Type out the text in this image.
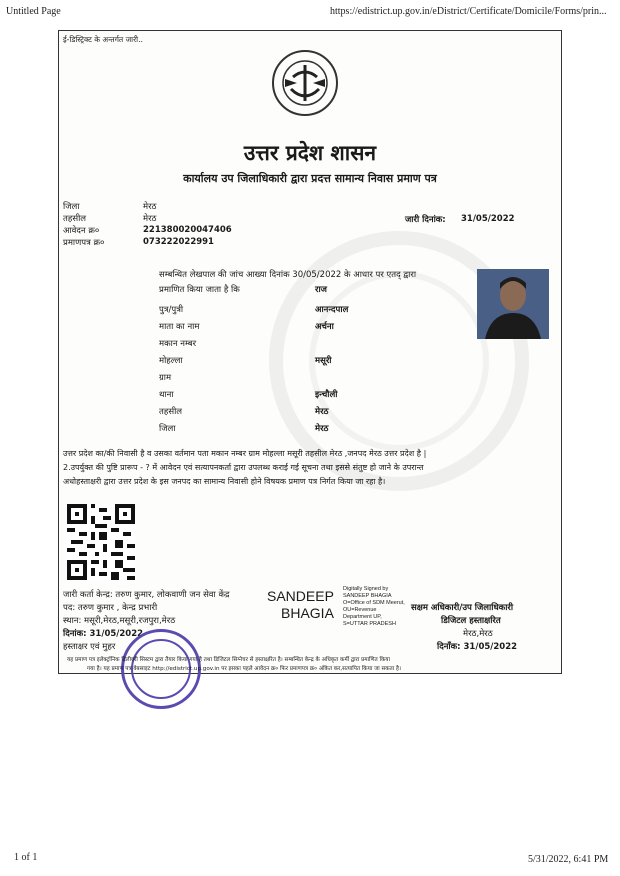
Untitled Page	https://edistrict.up.gov.in/eDistrict/Certificate/Domicile/Forms/prin...
ई-डिस्ट्रिक्ट के अन्तर्गत जारी..
उत्तर प्रदेश शासन
कार्यालय उप जिलाधिकारी द्वारा प्रदत्त सामान्य निवास प्रमाण पत्र
जिला	मेरठ
तहसील	मेरठ
आवेदन क्र०	221380020047406
प्रमाणपत्र क्र०	073222022991
जारी दिनांक: 31/05/2022
सम्बन्धित लेखपाल की जांच आख्या दिनांक 30/05/2022 के आधार पर एतद् द्वारा
प्रमाणित किया जाता है कि	राज
पुत्र/पुत्री	आनन्दपाल
माता का नाम	अर्चना
मकान नम्बर
मोहल्ला	मसूरी
ग्राम
थाना	इन्चौली
तहसील	मेरठ
जिला	मेरठ
उत्तर प्रदेश का/की निवासी है व उसका वर्तमान पता मकान नम्बर ग्राम मोहल्ला मसूरी तहसील मेरठ ,जनपद मेरठ उत्तर प्रदेश है |
2.उपर्युक्त की पुष्टि प्रारूप - ? में आवेदन एवं सत्यापनकर्ता द्वारा उपलब्ध कराई गई सूचना तथा इससे संतुष्ट हो जाने के उपरान्त
अधोहस्ताक्षरी द्वारा उत्तर प्रदेश के इस जनपद का सामान्य निवासी होने विषयक प्रमाण पत्र निर्गत किया जा रहा है।
जारी कर्ता केन्द्र: तरुण कुमार, लोकवाणी जन सेवा केंद्र
पद: तरुण कुमार , केन्द्र प्रभारी
स्थान: मसूरी,मेरठ,मसूरी,रजपुरा,मेरठ
दिनांक: 31/05/2022
हस्ताक्षर एवं मुहर
SANDEEP
BHAGIA
Digitally Signed by
SANDEEP BHAGIA
O=Office of SDM Meerut,
OU=Revenue
Department UP,
S=UTTAR PRADESH
सक्षम अधिकारी/उप जिलाधिकारी
डिजिटल हस्ताक्षरित
मेरठ,मेरठ
दिनाँक: 31/05/2022
यह प्रमाण पत्र इलेक्ट्रॉनिक डिलीवरी सिस्टम द्वारा तैयार किया गया है तथा डिजिटल सिग्नेचर से हस्ताक्षरित है। सम्बन्धित केन्द्र के अधिकृत कर्मी द्वारा प्रमाणित किया
गया है। यह प्रमाण पत्र वेबसाइट http://edistrict.up.gov.in पर इसका पहले आवेदन क्र० फिर प्रमाणपत्र क्र० अंकित कर,सत्यापित किया जा सकता है।
1 of 1	5/31/2022, 6:41 PM
